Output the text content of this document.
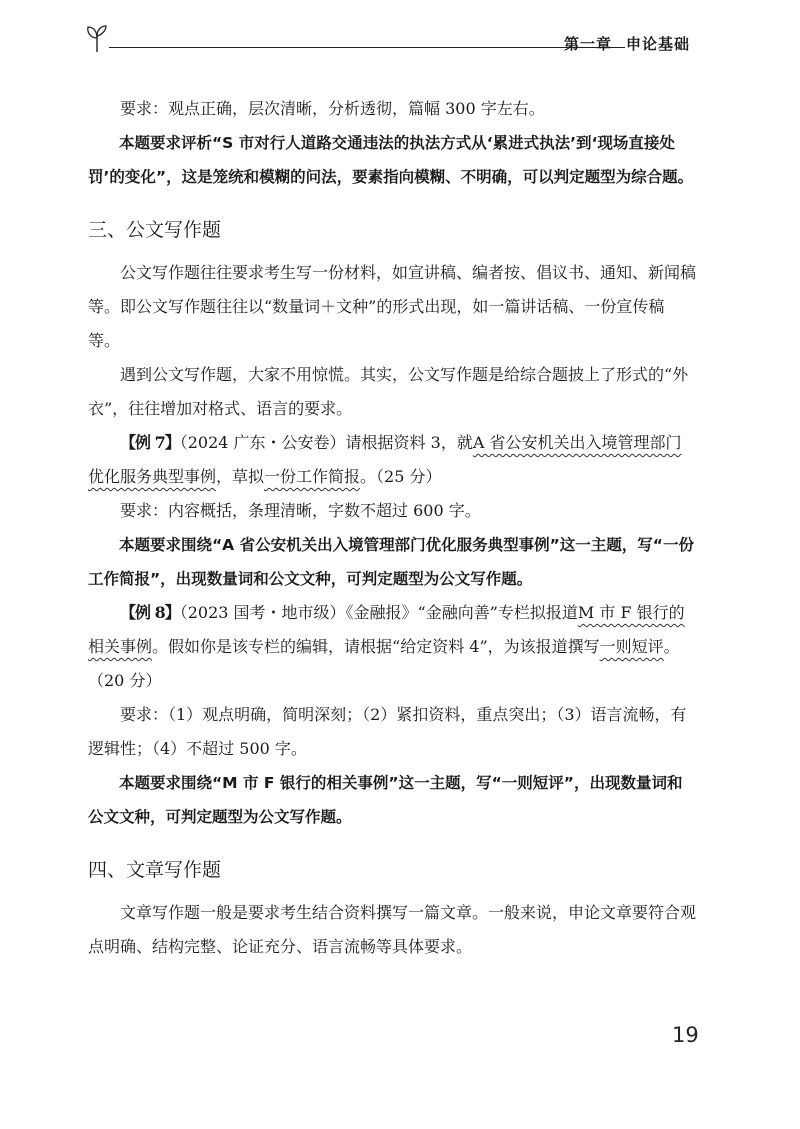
第一章 申论基础

要求：观点正确，层次清晰，分析透彻，篇幅 300 字左右。

本题要求评析“S 市对行人道路交通违法的执法方式从‘累进式执法’到‘现场直接处罚’的变化”，这是笼统和模糊的问法，要素指向模糊、不明确，可以判定题型为综合题。

三、公文写作题

公文写作题往往要求考生写一份材料，如宣讲稿、编者按、倡议书、通知、新闻稿等。即公文写作题往往以“数量词＋文种”的形式出现，如一篇讲话稿、一份宣传稿等。

遇到公文写作题，大家不用惊慌。其实，公文写作题是给综合题披上了形式的“外衣”，往往增加对格式、语言的要求。

【例 7】（2024 广东・公安卷）请根据资料 3，就A 省公安机关出入境管理部门优化服务典型事例，草拟一份工作简报。（25 分）

要求：内容概括，条理清晰，字数不超过 600 字。

本题要求围绕“A 省公安机关出入境管理部门优化服务典型事例”这一主题，写“一份工作简报”，出现数量词和公文文种，可判定题型为公文写作题。

【例 8】（2023 国考・地市级）《金融报》“金融向善”专栏拟报道M 市 F 银行的相关事例。假如你是该专栏的编辑，请根据“给定资料 4”，为该报道撰写一则短评。（20 分）

要求：（1）观点明确，简明深刻；（2）紧扣资料，重点突出；（3）语言流畅，有逻辑性；（4）不超过 500 字。

本题要求围绕“M 市 F 银行的相关事例”这一主题，写“一则短评”，出现数量词和公文文种，可判定题型为公文写作题。

四、文章写作题

文章写作题一般是要求考生结合资料撰写一篇文章。一般来说，申论文章要符合观点明确、结构完整、论证充分、语言流畅等具体要求。

19
